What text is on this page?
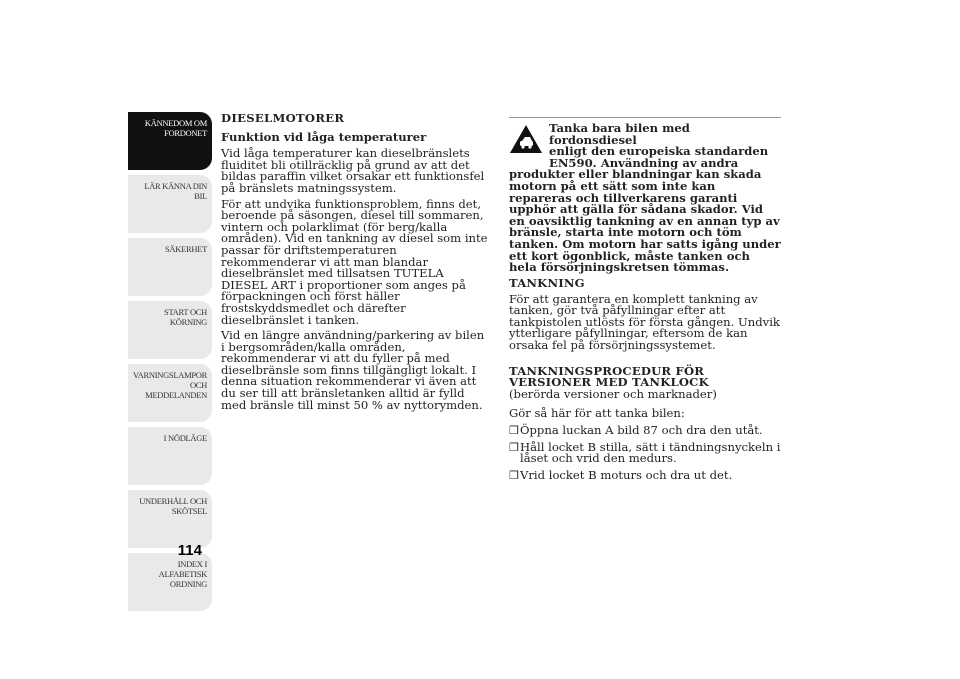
KÄNNEDOM OM
FORDONET
LÄR KÄNNA DIN
BIL
SÄKERHET
START OCH
KÖRNING
VARNINGSLAMPOR
OCH
MEDDELANDEN
I NÖDLÄGE
UNDERHÅLL OCH
SKÖTSEL
INDEX I
ALFABETISK
ORDNING
114

DIESELMOTORER

Funktion vid låga temperaturer

Vid låga temperaturer kan dieselbränslets fluiditet bli otillräcklig på grund av att det bildas paraffin vilket orsakar ett funktionsfel på bränslets matningssystem.

För att undvika funktionsproblem, finns det, beroende på säsongen, diesel till sommaren, vintern och polarklimat (för berg/kalla områden). Vid en tankning av diesel som inte passar för driftstemperaturen rekommenderar vi att man blandar dieselbränslet med tillsatsen TUTELA DIESEL ART i proportioner som anges på förpackningen och först häller frostskyddsmedlet och därefter dieselbränslet i tanken.

Vid en längre användning/parkering av bilen i bergsområden/kalla områden, rekommenderar vi att du fyller på med dieselbränsle som finns tillgängligt lokalt. I denna situation rekommenderar vi även att du ser till att bränsletanken alltid är fylld med bränsle till minst 50 % av nyttorymden.

Tanka bara bilen med fordonsdiesel
enligt den europeiska standarden
EN590. Användning av andra
produkter eller blandningar kan skada motorn på ett sätt som inte kan repareras och tillverkarens garanti upphör att gälla för sådana skador. Vid en oavsiktlig tankning av en annan typ av bränsle, starta inte motorn och töm tanken. Om motorn har satts igång under ett kort ögonblick, måste tanken och hela försörjningskretsen tömmas.

TANKNING

För att garantera en komplett tankning av tanken, gör två påfyllningar efter att tankpistolen utlösts för första gången. Undvik ytterligare påfyllningar, eftersom de kan orsaka fel på försörjningssystemet.

TANKNINGSPROCEDUR FÖR VERSIONER MED TANKLOCK

(berörda versioner och marknader)

Gör så här för att tanka bilen:

❒ Öppna luckan A bild 87 och dra den utåt.
❒ Håll locket B stilla, sätt i tändningsnyckeln i låset och vrid den medurs.
❒ Vrid locket B moturs och dra ut det.
